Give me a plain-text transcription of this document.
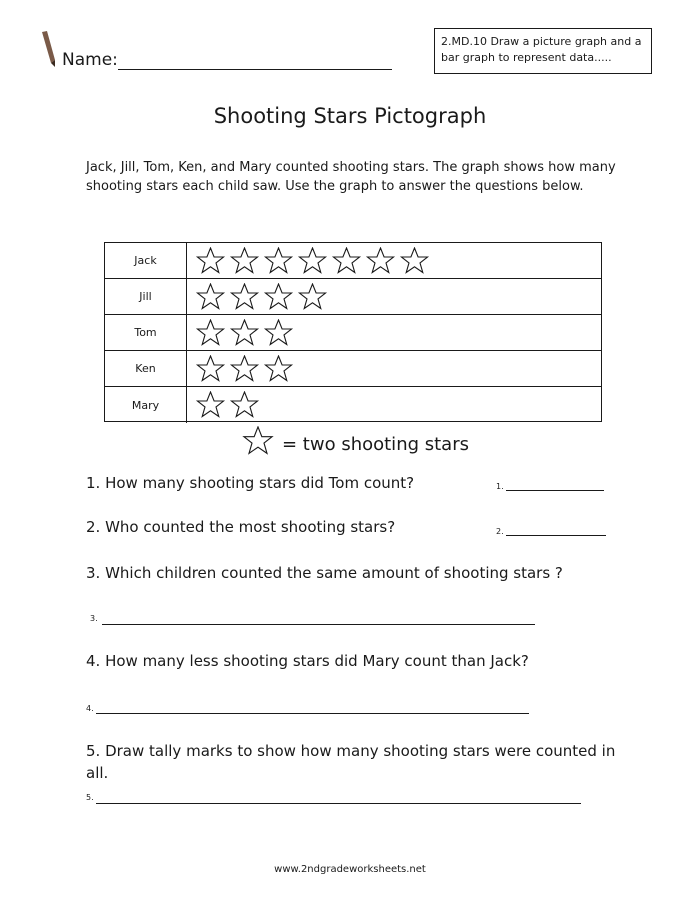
Name:
2.MD.10 Draw a picture graph and a
bar graph to represent data.....
Shooting Stars Pictograph
Jack, Jill, Tom, Ken, and Mary counted shooting stars. The graph shows how many
shooting stars each child saw. Use the graph to answer the questions below.
Jack
Jill
Tom
Ken
Mary
= two shooting stars
1. How many shooting stars did Tom count?	1.
2. Who counted the most shooting stars?	2.
3. Which children counted the same amount of shooting stars ?
3.
4. How many less shooting stars did Mary count than Jack?
4.
5. Draw tally marks to show how many shooting stars were counted in all.
5.
www.2ndgradeworksheets.net
